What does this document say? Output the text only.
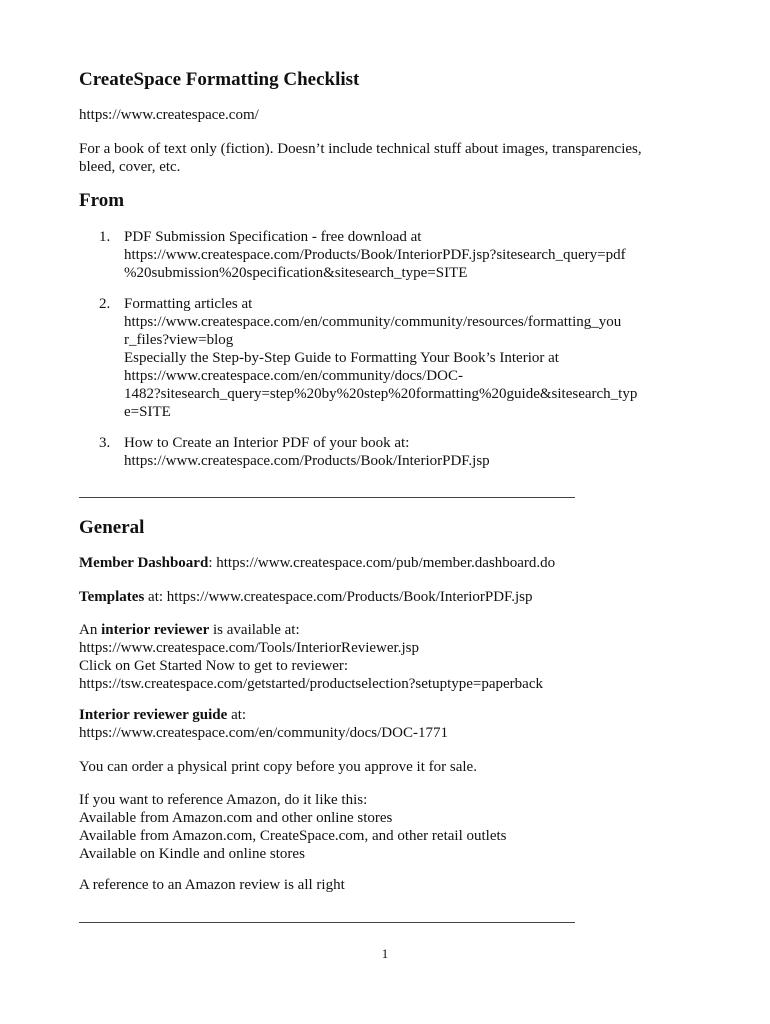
CreateSpace Formatting Checklist
https://www.createspace.com/
For a book of text only (fiction). Doesn’t include technical stuff about images, transparencies,
bleed, cover, etc.
From
1. PDF Submission Specification - free download at
https://www.createspace.com/Products/Book/InteriorPDF.jsp?sitesearch_query=pdf
%20submission%20specification&sitesearch_type=SITE
2. Formatting articles at
https://www.createspace.com/en/community/community/resources/formatting_you
r_files?view=blog
Especially the Step-by-Step Guide to Formatting Your Book’s Interior at
https://www.createspace.com/en/community/docs/DOC-
1482?sitesearch_query=step%20by%20step%20formatting%20guide&sitesearch_typ
e=SITE
3. How to Create an Interior PDF of your book at:
https://www.createspace.com/Products/Book/InteriorPDF.jsp
General
Member Dashboard: https://www.createspace.com/pub/member.dashboard.do
Templates at: https://www.createspace.com/Products/Book/InteriorPDF.jsp
An interior reviewer is available at:
https://www.createspace.com/Tools/InteriorReviewer.jsp
Click on Get Started Now to get to reviewer:
https://tsw.createspace.com/getstarted/productselection?setuptype=paperback
Interior reviewer guide at:
https://www.createspace.com/en/community/docs/DOC-1771
You can order a physical print copy before you approve it for sale.
If you want to reference Amazon, do it like this:
Available from Amazon.com and other online stores
Available from Amazon.com, CreateSpace.com, and other retail outlets
Available on Kindle and online stores
A reference to an Amazon review is all right
1
